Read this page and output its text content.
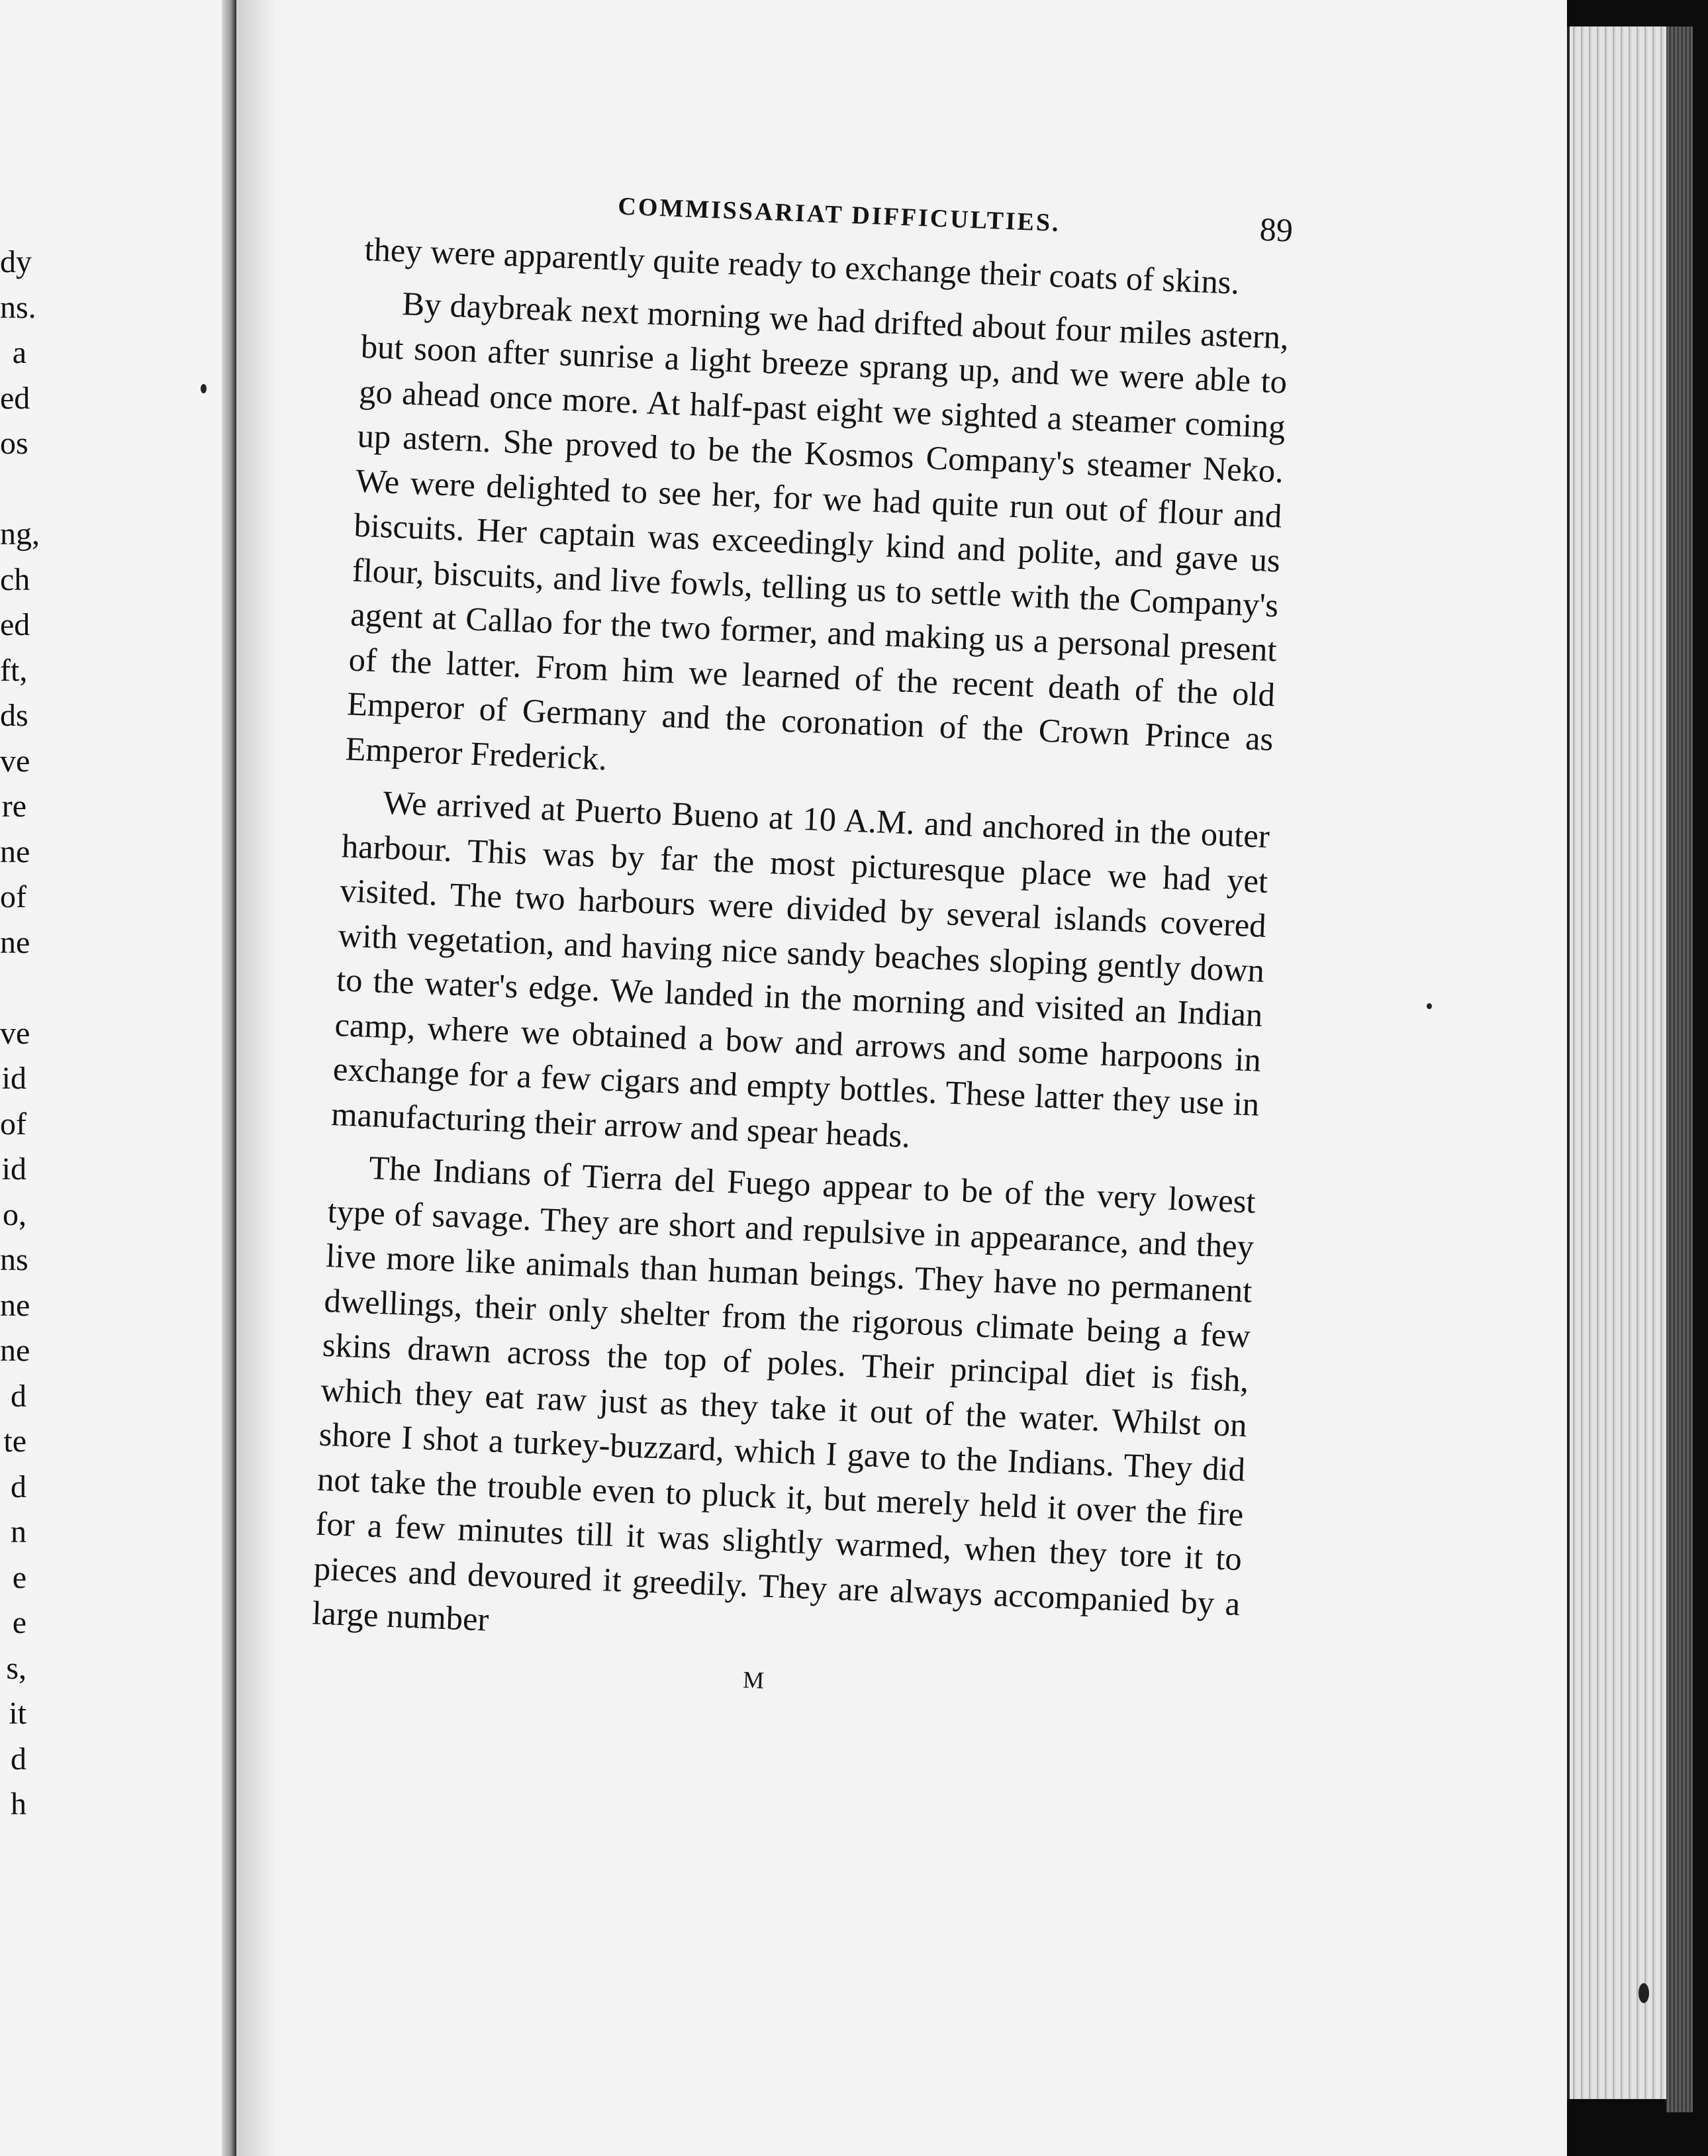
dy
ns.
a
ed
os
ng,
ch
ed
ft,
ds
ve
re
ne
of
ne
ve
id
of
id
o,
ns
ne
ne
d
te
d
n
e
e
s,
it
d
h
COMMISSARIAT DIFFICULTIES.	89

they were apparently quite ready to exchange their coats of skins.

By daybreak next morning we had drifted about four miles astern, but soon after sunrise a light breeze sprang up, and we were able to go ahead once more. At half-past eight we sighted a steamer coming up astern. She proved to be the Kosmos Company's steamer Neko. We were delighted to see her, for we had quite run out of flour and biscuits. Her captain was exceedingly kind and polite, and gave us flour, biscuits, and live fowls, telling us to settle with the Company's agent at Callao for the two former, and making us a personal present of the latter. From him we learned of the recent death of the old Emperor of Germany and the coronation of the Crown Prince as Emperor Frederick.

We arrived at Puerto Bueno at 10 A.M. and anchored in the outer harbour. This was by far the most picturesque place we had yet visited. The two harbours were divided by several islands covered with vegetation, and having nice sandy beaches sloping gently down to the water's edge. We landed in the morning and visited an Indian camp, where we obtained a bow and arrows and some harpoons in exchange for a few cigars and empty bottles. These latter they use in manufacturing their arrow and spear heads.

The Indians of Tierra del Fuego appear to be of the very lowest type of savage. They are short and repulsive in appearance, and they live more like animals than human beings. They have no permanent dwellings, their only shelter from the rigorous climate being a few skins drawn across the top of poles. Their principal diet is fish, which they eat raw just as they take it out of the water. Whilst on shore I shot a turkey-buzzard, which I gave to the Indians. They did not take the trouble even to pluck it, but merely held it over the fire for a few minutes till it was slightly warmed, when they tore it to pieces and devoured it greedily. They are always accompanied by a large number

M
